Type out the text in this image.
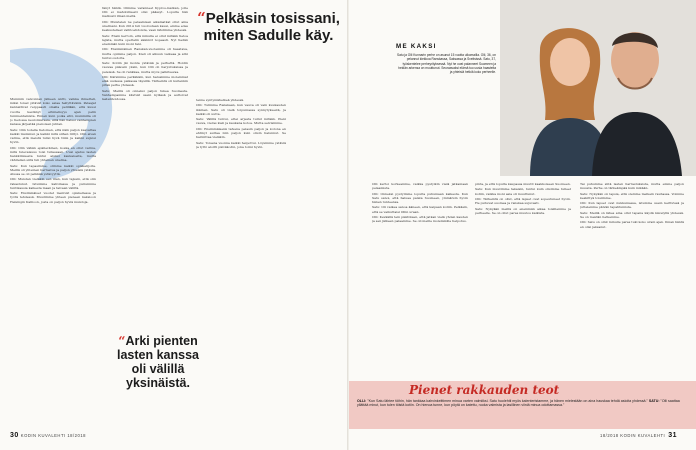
Mummin valvonnan jälkeen Antti, vaikka ihmetteli, miksi toiset pitävät koko asiaa hellyttävänä. Pelaajat kannattivat reippaasti omalla pelillään, että kuusi vuotta kestänyt erimielisyys ajan pelin tummentamista. Ennen kuin poika ehti, mummilla oli jo tiedossa neulomisrasia, sillä hän halusi vanhempien kanssa järjestää pienoisen juhlan.

Satu: Olin todella tietoinen, että näin paljon kasvattaa kaikki mummun ja kaikki mitä siihen liittyi. Olin aivan varma, että meistä tulisi hyvä tiimi ja kaikki sujuisi hyvin.

Olli: Olin vähän epäileväinen, koska en ollut varma, mitä tulevaisuus toisi tullessaan. Uusi ajatus lasten hankkimisesta tuntui aluksi kaukaiselta, mutta vähitellen siitä tuli yhteinen unelma.

Satu: Kun tapasimme, olimme kaikki opiskelijoita. Meillä oli yhteinen harrastus ja paljon yhteisiä ystäviä. Alussa se oli pelkkää ystävyyttä.

Olli: Muistan vieläkin sen illan, kun tajusin, että olin rakastunut. Istuimme kahvilassa ja puhuimme tuntikausia kaikesta maan ja taivaan väliltä.

Satu: Ensimmäiset vuodet menivät opiskellessa ja työtä tehdessä. Muutimme yhteen pieneen kaksioon Helsingin Kallioon, josta on paljon hyviä muistoja.

tänyt häntä. Olimme varanneet Kypros-matkan, jolle Olli ei mahdollisesti olisi päässyt. Lopulta hän matkusti ilman meitä.

Olli: Muistelen ne pelaamisen aikamatkat ollut aina unelmani. Kun 2014 tuli vuorostaan kausi, emme edes keskustelleet vaihtoehdoista, vaan lähdimme yhdessä.

Satu: Ensin kerroin, että minulla ei ollut mitään tietoa lajista, mutta opettelin säännöt nopeasti. Nyt tiedän enemmän kuin moni fani.

Olli: Ensimmäinen Ranskan-vuotemme oli haastava, mutta opimme paljon. Kieli oli alkuun vaikeaa ja arki tuntui oudolta.

Satu: Kotiin jäi monta ystävää ja perhettä. Hoidin vauvaa pääosin yksin, kun Olli oli harjoituksissa ja peleissä. Se oli rankkaa, mutta myös palkitsevaa.

Olli: Kärsimme peräkkäin, kun halusimme molemmat elää uudessa paikassa täysillä. Tärkeintä oli kuitenkin pitää perhe yhdessä.

Satu: Meillä oli onneksi paljon tukea Suomesta. Vanhempamme kävivät usein kylässä ja auttoivat lastenhoidossa.

“Pelkäsin tosissani, miten Sadulle käy.

tenne syntymähetkeä yhdessä.

Olli: Tulimme Ranskaan, kun vauva oli vain kuukauden ikäinen. Satu oli vielä toipumassa synnytyksestä, ja kaikki oli uutta.

Satu: Välillä tuntui, ettei arjesta tullut mitään. Pieni vauva, vieras kieli ja kaukana kotoa. Mutta selvisimme.

Olli: Ensimmäisenä talvena pelasin paljon ja kotona en ehtinyt auttaa niin paljon kuin olisin halunnut. Se harmittaa vieläkin.

Satu: Toisena vuonna kaikki helpottui. Löysimme ystäviä ja tyttö aloitti päiväkodin, joka toimi hyvin.

“Arki pienten lasten kanssa oli välillä yksinäistä.
30 KODIN KUVALEHTI 18/2018
ME KAKSI
Satu ja Olli Kunnarin perhe on asunut 15 vuotta ulkomailla. Olli, 36, on pelannut kiekkoa Ranskassa, Saksassa ja Sveitsissä. Satu, 37, työskentelee perheyrityksessä. Nyt he ovat palanneet Suomeen ja heidän arkensa on muuttunut. Seuraavaksi elämä tuo uusia haasteita ja yhteisiä hetkiä koko perheelle.

Olli kertoi korkeamme, vaikka pystyikin vielä jatkamaan pelaamista.

Olli: Onneksi pystyimme lopulta puhumaan kaikesta. Kun Satu sanoi, että haluaa palata Suomeen, ymmärsin hyvin hänen tunteensa.

Satu: Oli vaikea sanoa ääneen, että kaipaan kotiin. Pelkäsin, että se vaikuttaisi Ollin uraan.

Olli: Keväällä tein päätöksen, että jatkan vielä yhden kauden ja sen jälkeen palaamme. Se oli meille molemmille helpotus.

pinta, ja että lopulta kaupassa muutit kaakkoiseen Suomeen.

Satu: Kun muutimme takaisin, tuntui kuin olisimme tulleet kotiin, vaikka moni asia oli muuttunut.

Olli: Tärkeintä on ollut, että lapset ovat sopeutuneet hyvin. He puhuvat suomea ja ranskaa sujuvasti.

Satu: Nykyään meillä on enemmän aikaa toisillemme ja perheelle. Se on ollut paras muutos kaikista.

Tai puhumme siitä lasten harrastuksista, mutta emme paljon muusta. Perhe on tärkeämpää kuin mikään.

Satu: Nykyään on lapsia, että olemme melkein rauhassa. Voimme keskittyä toisiimme.

Olli: Kun lapset ovat nukkumassa, istumme usein keittiössä ja juttelemme päivän tapahtumista.

Satu: Meillä on lähes aina ollut tapana käydä kävelyllä yhdessä. Se on meidän hetkemme.

Olli: Satu on ollut minulle paras tuki koko urani ajan. Ilman häntä en olisi jaksanut.

Pienet rakkauden teot
OLLI: "Kun Satu lähtee töihin, hän tankkaa kahvinkeittimen minua varten valmiiksi. Satu huolehtii myös kalenteristamme, ja hänen mielestään on aina hauskaa tehdä asioita yhdessä." SATU: "Olli saattaa yllättää minut, kun tulen töistä kotiin. On hienoa tunne, kun pöytä on katettu, ruoka valmista ja lasillinen viiniä minua odottamassa."
18/2018 KODIN KUVALEHTI 31
